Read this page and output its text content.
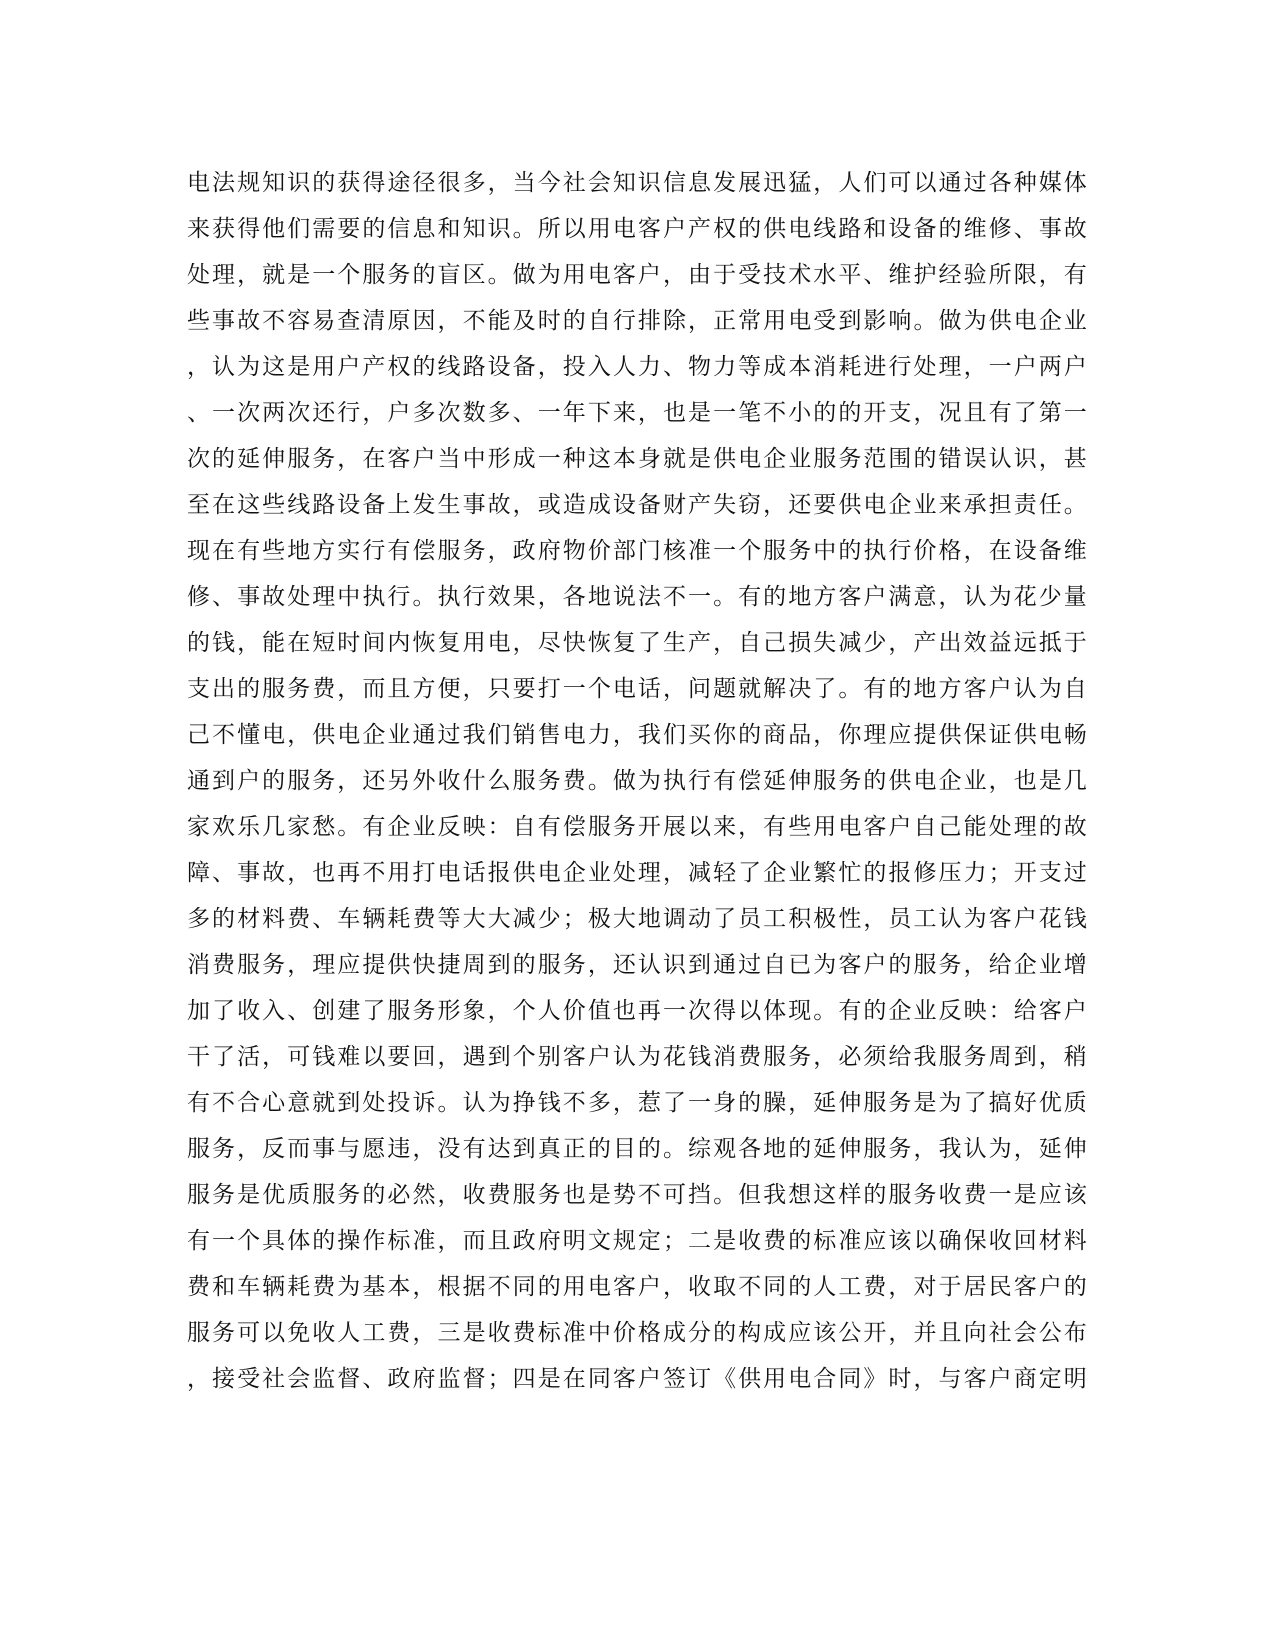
电法规知识的获得途径很多，当今社会知识信息发展迅猛，人们可以通过各种媒体
来获得他们需要的信息和知识。所以用电客户产权的供电线路和设备的维修、事故
处理，就是一个服务的盲区。做为用电客户，由于受技术水平、维护经验所限，有
些事故不容易查清原因，不能及时的自行排除，正常用电受到影响。做为供电企业
，认为这是用户产权的线路设备，投入人力、物力等成本消耗进行处理，一户两户
、一次两次还行，户多次数多、一年下来，也是一笔不小的的开支，况且有了第一
次的延伸服务，在客户当中形成一种这本身就是供电企业服务范围的错误认识，甚
至在这些线路设备上发生事故，或造成设备财产失窃，还要供电企业来承担责任。
现在有些地方实行有偿服务，政府物价部门核准一个服务中的执行价格，在设备维
修、事故处理中执行。执行效果，各地说法不一。有的地方客户满意，认为花少量
的钱，能在短时间内恢复用电，尽快恢复了生产，自己损失减少，产出效益远抵于
支出的服务费，而且方便，只要打一个电话，问题就解决了。有的地方客户认为自
己不懂电，供电企业通过我们销售电力，我们买你的商品，你理应提供保证供电畅
通到户的服务，还另外收什么服务费。做为执行有偿延伸服务的供电企业，也是几
家欢乐几家愁。有企业反映：自有偿服务开展以来，有些用电客户自己能处理的故
障、事故，也再不用打电话报供电企业处理，减轻了企业繁忙的报修压力；开支过
多的材料费、车辆耗费等大大减少；极大地调动了员工积极性，员工认为客户花钱
消费服务，理应提供快捷周到的服务，还认识到通过自已为客户的服务，给企业增
加了收入、创建了服务形象，个人价值也再一次得以体现。有的企业反映：给客户
干了活，可钱难以要回，遇到个别客户认为花钱消费服务，必须给我服务周到，稍
有不合心意就到处投诉。认为挣钱不多，惹了一身的臊，延伸服务是为了搞好优质
服务，反而事与愿违，没有达到真正的目的。综观各地的延伸服务，我认为，延伸
服务是优质服务的必然，收费服务也是势不可挡。但我想这样的服务收费一是应该
有一个具体的操作标准，而且政府明文规定；二是收费的标准应该以确保收回材料
费和车辆耗费为基本，根据不同的用电客户，收取不同的人工费，对于居民客户的
服务可以免收人工费，三是收费标准中价格成分的构成应该公开，并且向社会公布
，接受社会监督、政府监督；四是在同客户签订《供用电合同》时，与客户商定明
